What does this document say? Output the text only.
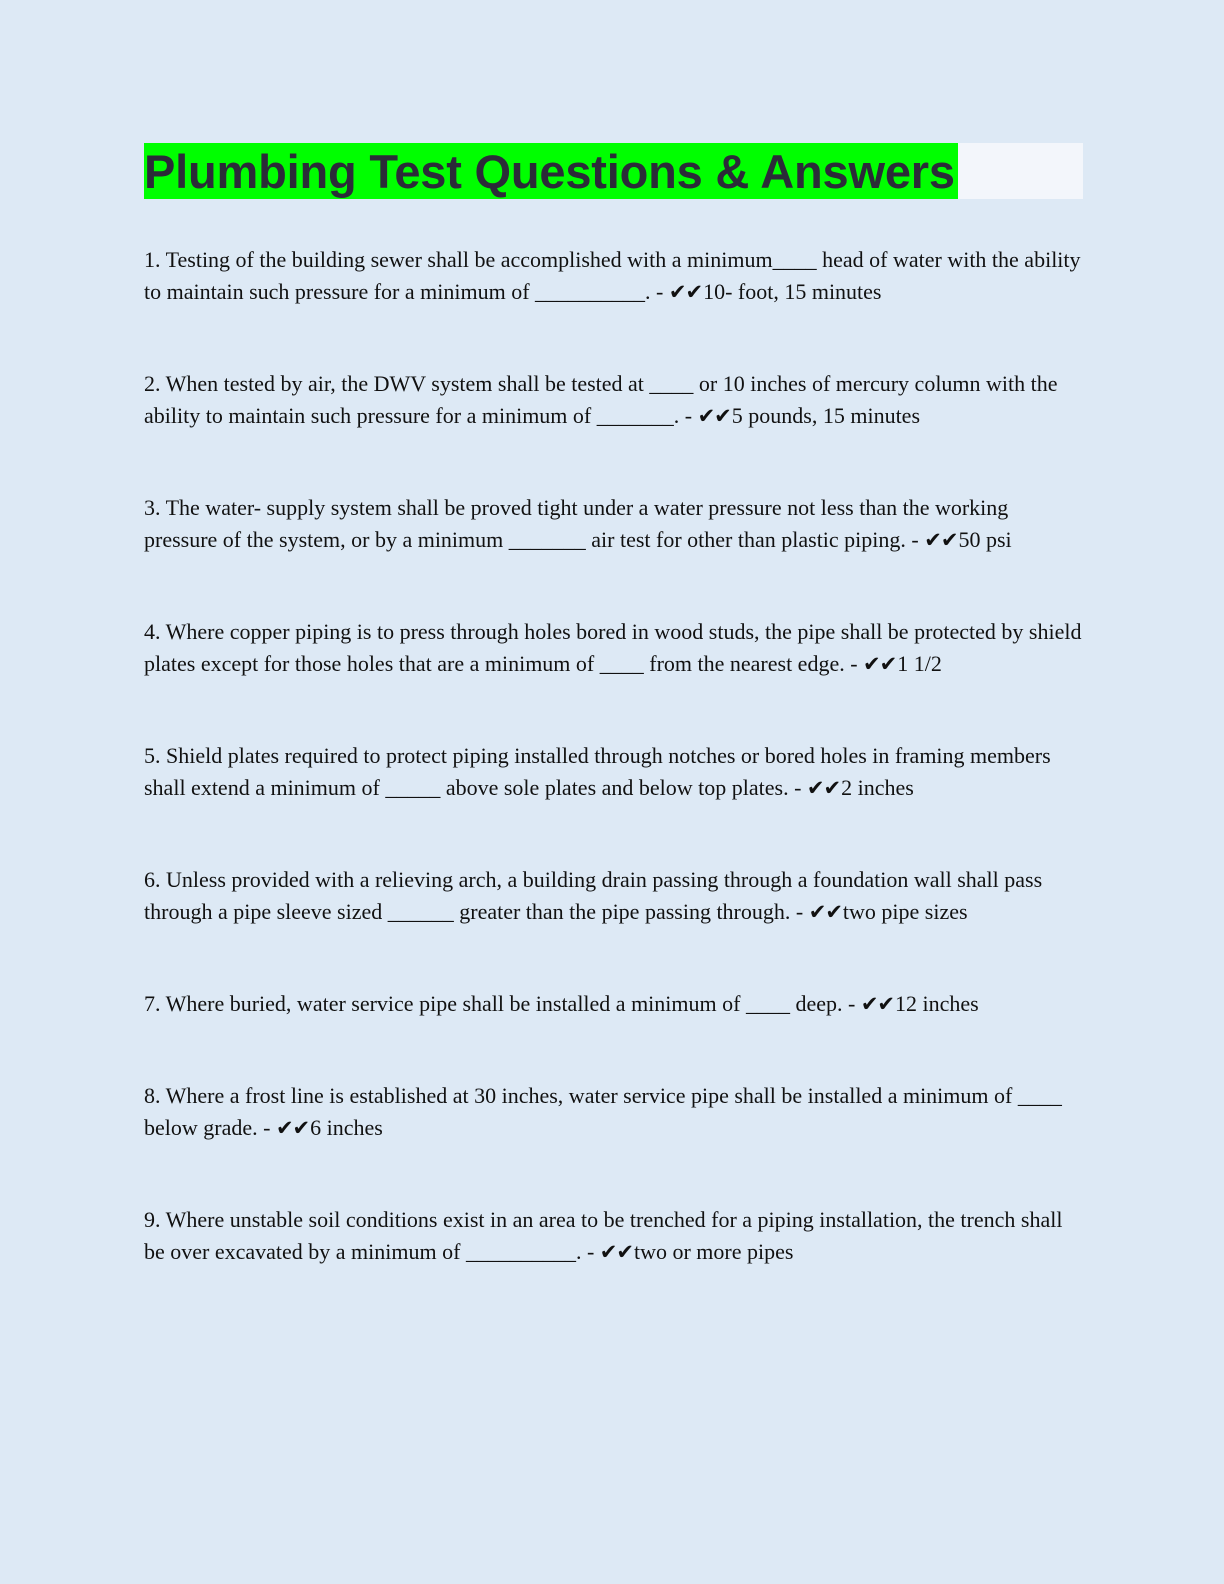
Plumbing Test Questions & Answers

1. Testing of the building sewer shall be accomplished with a minimum____ head of water with the ability to maintain such pressure for a minimum of __________. - ✔✔10- foot, 15 minutes

2. When tested by air, the DWV system shall be tested at ____ or 10 inches of mercury column with the ability to maintain such pressure for a minimum of _______. - ✔✔5 pounds, 15 minutes

3. The water- supply system shall be proved tight under a water pressure not less than the working pressure of the system, or by a minimum _______ air test for other than plastic piping. - ✔✔50 psi

4. Where copper piping is to press through holes bored in wood studs, the pipe shall be protected by shield plates except for those holes that are a minimum of ____ from the nearest edge. - ✔✔1 1/2

5. Shield plates required to protect piping installed through notches or bored holes in framing members shall extend a minimum of _____ above sole plates and below top plates. - ✔✔2 inches

6. Unless provided with a relieving arch, a building drain passing through a foundation wall shall pass through a pipe sleeve sized ______ greater than the pipe passing through. - ✔✔two pipe sizes

7. Where buried, water service pipe shall be installed a minimum of ____ deep. - ✔✔12 inches

8. Where a frost line is established at 30 inches, water service pipe shall be installed a minimum of ____ below grade. - ✔✔6 inches

9. Where unstable soil conditions exist in an area to be trenched for a piping installation, the trench shall be over excavated by a minimum of __________. - ✔✔two or more pipes
